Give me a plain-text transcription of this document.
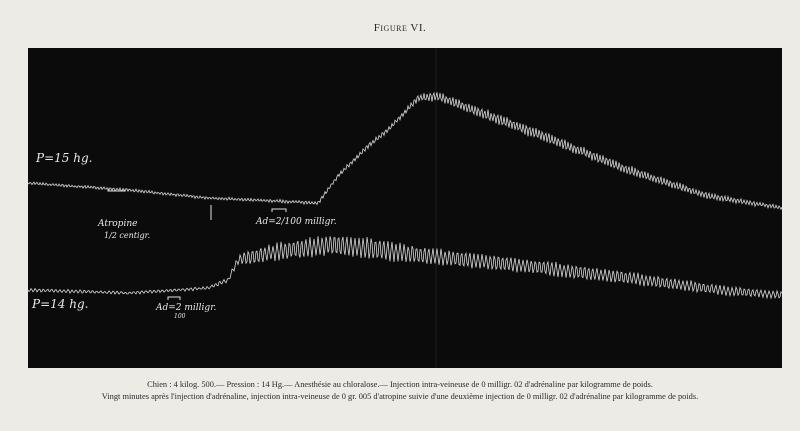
Figure VI.
P=15 hg.
Atropine
1/2 centigr.
Ad=2/100 milligr.
P=14 hg.	Ad=2 milligr.
100
Chien : 4 kilog. 500.— Pression : 14 Hg.— Anesthésie au chloralose.— Injection intra-veineuse de 0 milligr. 02 d'adrénaline par kilogramme de poids.
Vingt minutes après l'injection d'adrénaline, injection intra-veineuse de 0 gr. 005 d'atropine suivie d'une deuxième injection de 0 milligr. 02 d'adrénaline par kilogramme de poids.
